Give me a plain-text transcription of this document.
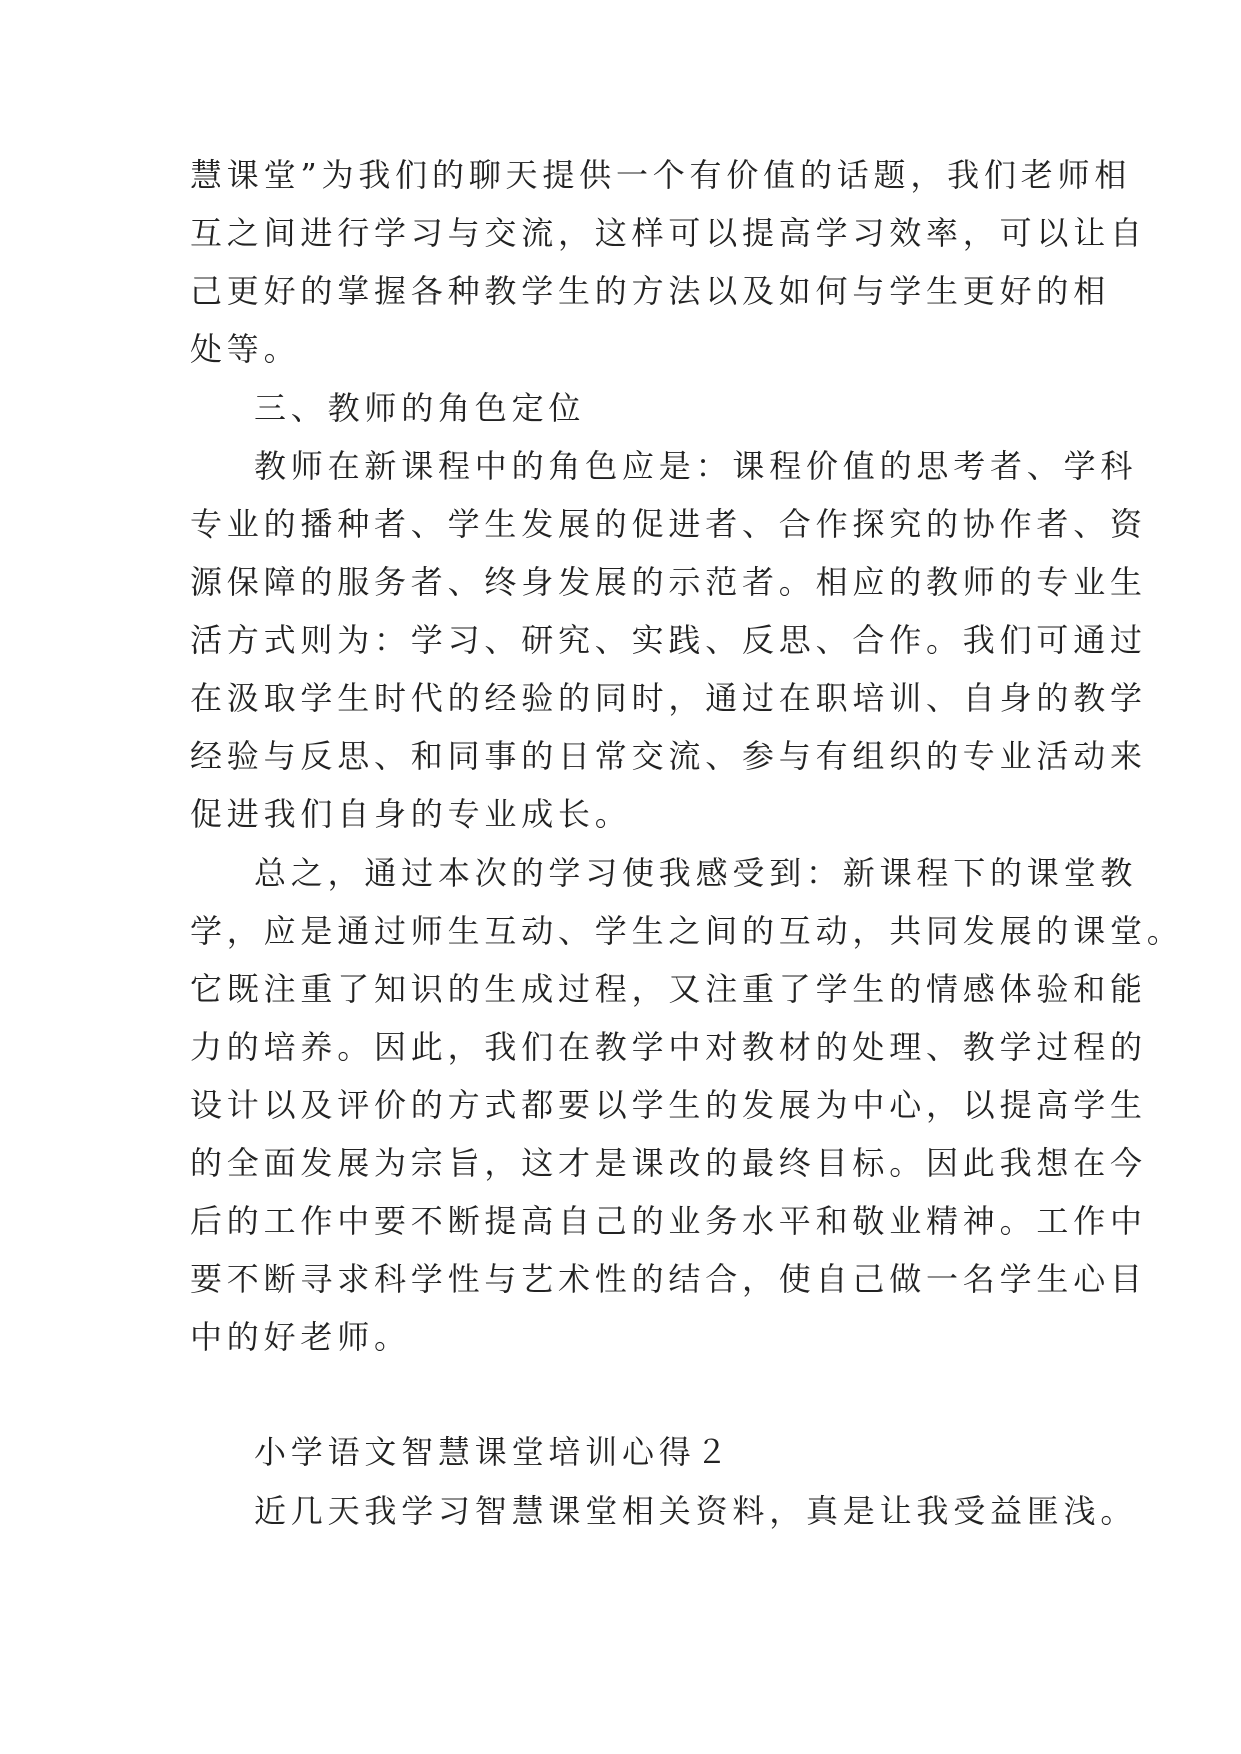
慧课堂”为我们的聊天提供一个有价值的话题，我们老师相
互之间进行学习与交流，这样可以提高学习效率，可以让自
己更好的掌握各种教学生的方法以及如何与学生更好的相
处等。
三、教师的角色定位
教师在新课程中的角色应是：课程价值的思考者、学科
专业的播种者、学生发展的促进者、合作探究的协作者、资
源保障的服务者、终身发展的示范者。相应的教师的专业生
活方式则为：学习、研究、实践、反思、合作。我们可通过
在汲取学生时代的经验的同时，通过在职培训、自身的教学
经验与反思、和同事的日常交流、参与有组织的专业活动来
促进我们自身的专业成长。
总之，通过本次的学习使我感受到：新课程下的课堂教
学，应是通过师生互动、学生之间的互动，共同发展的课堂。
它既注重了知识的生成过程，又注重了学生的情感体验和能
力的培养。因此，我们在教学中对教材的处理、教学过程的
设计以及评价的方式都要以学生的发展为中心，以提高学生
的全面发展为宗旨，这才是课改的最终目标。因此我想在今
后的工作中要不断提高自己的业务水平和敬业精神。工作中
要不断寻求科学性与艺术性的结合，使自己做一名学生心目
中的好老师。
小学语文智慧课堂培训心得２
近几天我学习智慧课堂相关资料，真是让我受益匪浅。
